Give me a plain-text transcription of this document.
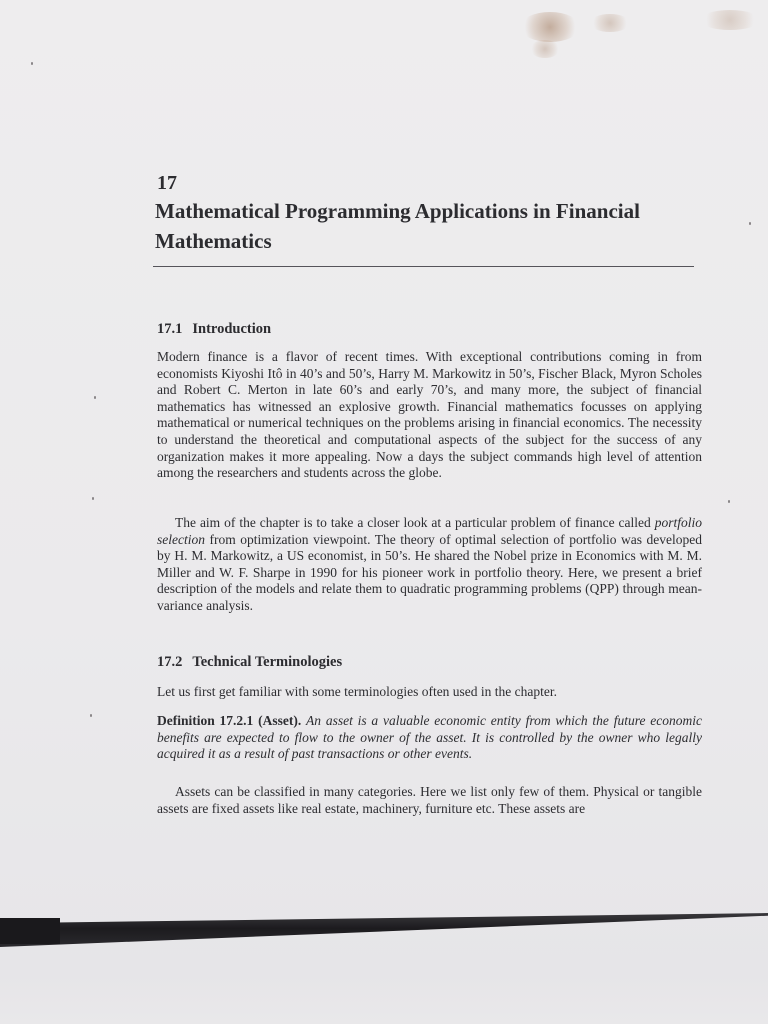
17
Mathematical Programming Applications in Financial Mathematics
17.1 Introduction

Modern finance is a flavor of recent times. With exceptional contributions coming in from economists Kiyoshi Itô in 40’s and 50’s, Harry M. Markowitz in 50’s, Fischer Black, Myron Scholes and Robert C. Merton in late 60’s and early 70’s, and many more, the subject of financial mathematics has witnessed an explosive growth. Financial mathematics focusses on applying mathematical or numerical techniques on the problems arising in financial economics. The necessity to understand the theoretical and computational aspects of the subject for the success of any organization makes it more appealing. Now a days the subject commands high level of attention among the researchers and students across the globe.

The aim of the chapter is to take a closer look at a particular problem of finance called portfolio selection from optimization viewpoint. The theory of optimal selection of portfolio was developed by H. M. Markowitz, a US economist, in 50’s. He shared the Nobel prize in Economics with M. M. Miller and W. F. Sharpe in 1990 for his pioneer work in portfolio theory. Here, we present a brief description of the models and relate them to quadratic programming problems (QPP) through mean-variance analysis.

17.2 Technical Terminologies

Let us first get familiar with some terminologies often used in the chapter.

Definition 17.2.1 (Asset). An asset is a valuable economic entity from which the future economic benefits are expected to flow to the owner of the asset. It is controlled by the owner who legally acquired it as a result of past transactions or other events.

Assets can be classified in many categories. Here we list only few of them. Physical or tangible assets are fixed assets like real estate, machinery, furniture etc. These assets are
